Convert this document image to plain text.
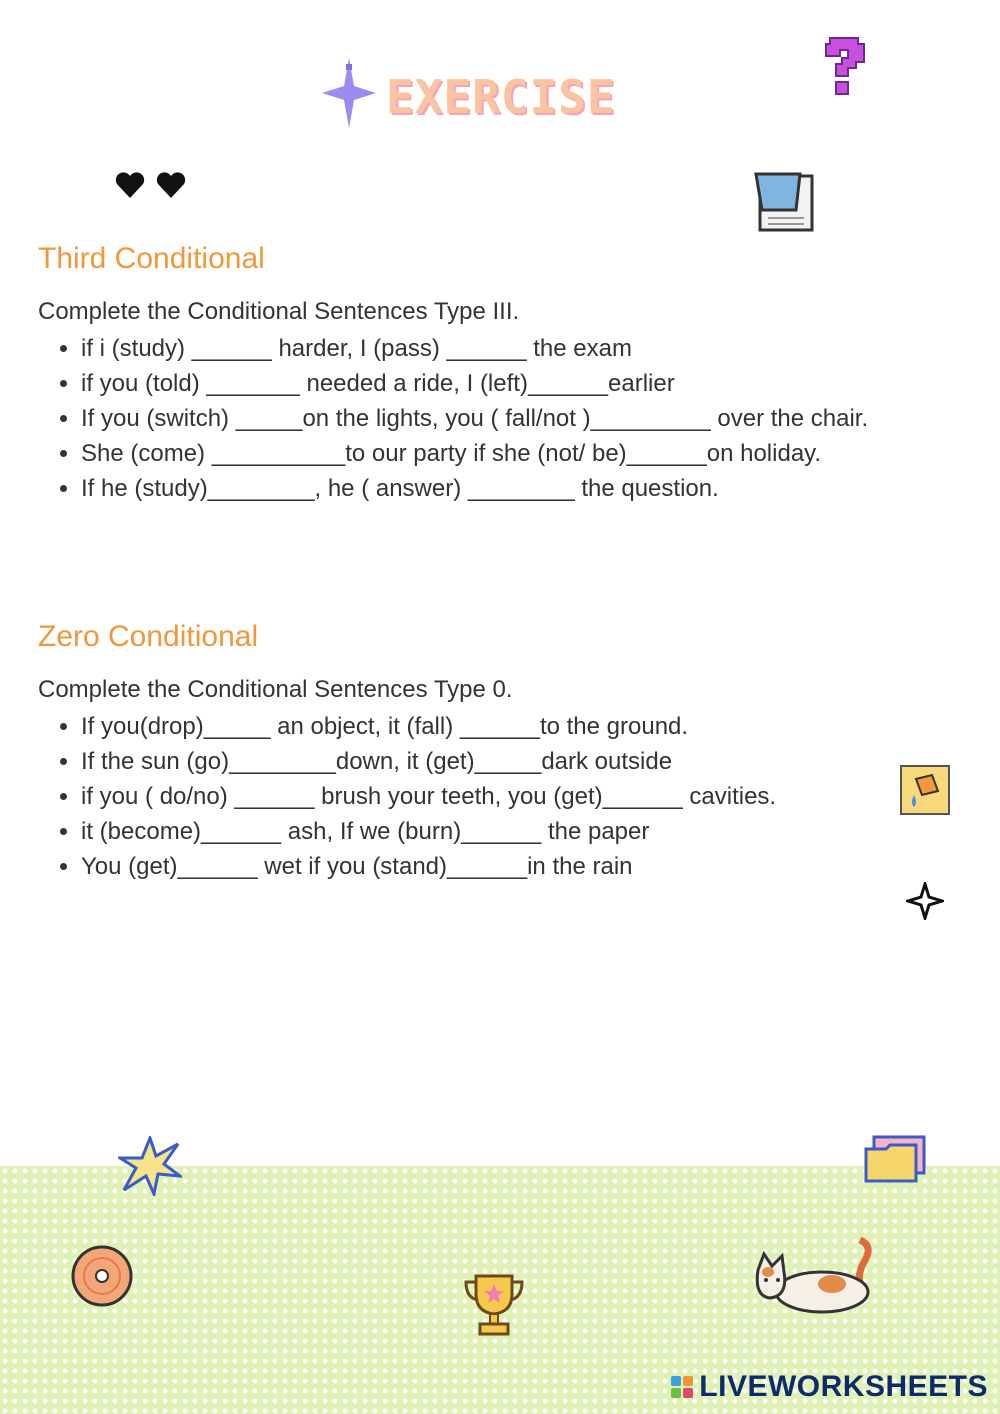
EXERCISE
Third Conditional
Complete the Conditional Sentences Type III.
• if i (study) ______ harder, I (pass) ______ the exam
• if you (told) _______ needed a ride, I (left)______earlier
• If you (switch) _____on the lights, you ( fall/not )_________ over the chair.
• She (come) __________to our party if she (not/ be)______on holiday.
• If he (study)________, he ( answer) ________ the question.
Zero Conditional
Complete the Conditional Sentences Type 0.
• If you(drop)_____ an object, it (fall) ______to the ground.
• If the sun (go)________down, it (get)_____dark outside
• if you ( do/no) ______ brush your teeth, you (get)______ cavities.
• it (become)______ ash, If we (burn)______ the paper
• You (get)______ wet if you (stand)______in the rain
LIVEWORKSHEETS
